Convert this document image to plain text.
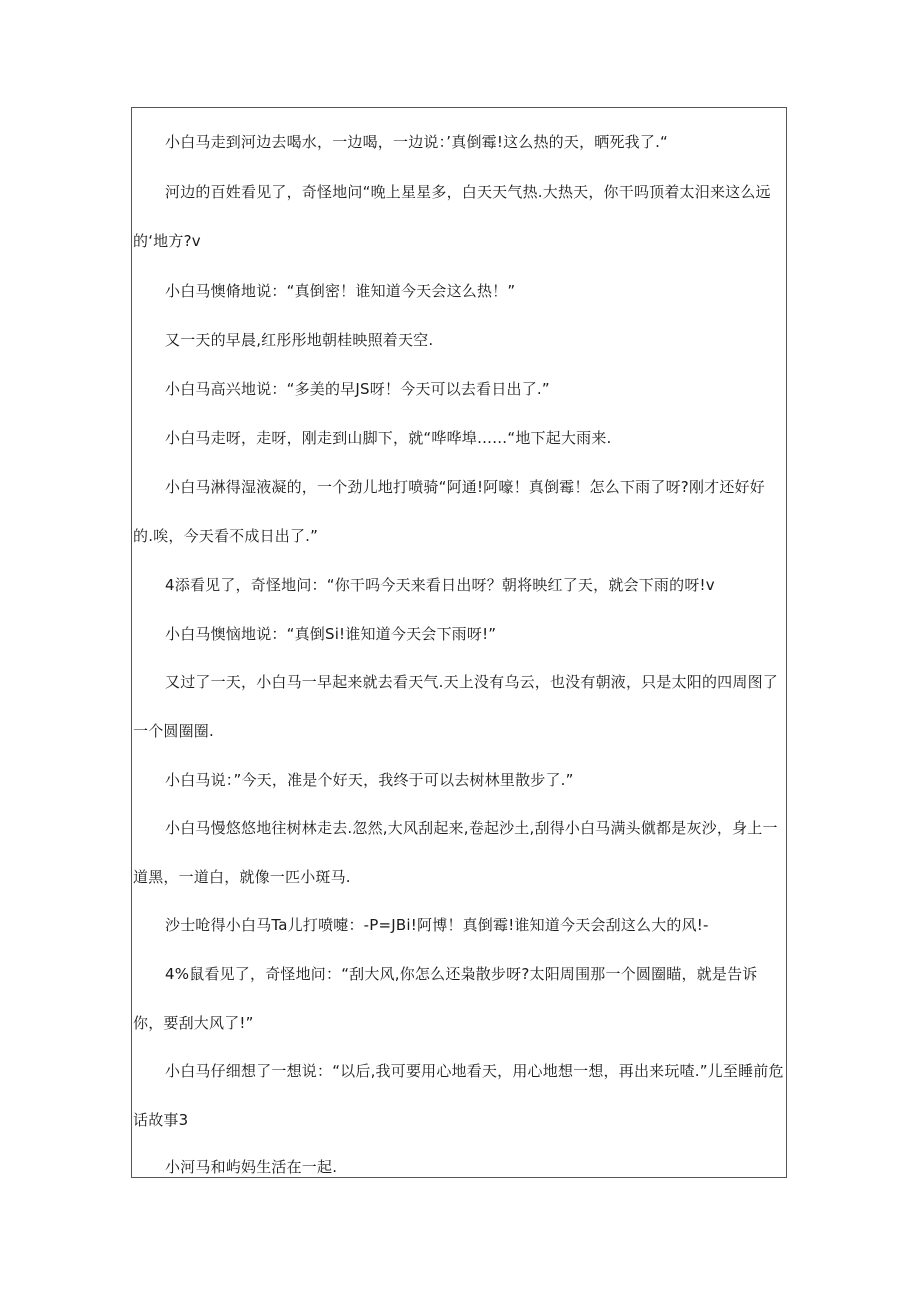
小白马走到河边去喝水，一边喝，一边说：’真倒霉!这么热的天，晒死我了.“

河边的百姓看见了，奇怪地问“晚上星星多，白天天气热.大热天，你干吗顶着太汨来这么远的‘地方?v

小白马懊脩地说：“真倒密！谁知道今天会这么热！”

又一天的早晨,红彤彤地朝桂映照着天空.

小白马高兴地说：“多美的早JS呀！今天可以去看日出了.”

小白马走呀，走呀，刚走到山脚下，就“哗哗埠……“地下起大雨来.

小白马淋得湿液凝的，一个劲儿地打喷骑“阿通!阿嚎！真倒霉！怎么下雨了呀?刚才还好好的.唉，今天看不成日出了.”

4添看见了，奇怪地问：“你干吗今天来看日出呀？朝将映红了天，就会下雨的呀!v

小白马懊恼地说：“真倒Si!谁知道今天会下雨呀!”

又过了一天，小白马一早起来就去看天气.天上没有乌云，也没有朝液，只是太阳的四周图了一个圆圈圈.

小白马说：”今天，准是个好天，我终于可以去树林里散步了.”

小白马慢悠悠地往树林走去.忽然,大风刮起来,卷起沙土,刮得小白马满头僦都是灰沙，身上一道黑，一道白，就像一匹小斑马.

沙士呛得小白马Ta儿打喷嚏：-P=JBi!阿博！真倒霉!谁知道今天会刮这么大的风!-

4%鼠看见了，奇怪地问：“刮大风,你怎么还枭散步呀?太阳周围那一个圆圈瞄，就是告诉你，要刮大风了!”

小白马仔细想了一想说：“以后,我可要用心地看天，用心地想一想，再出来玩喳.”儿至睡前危话故事3

小河马和屿妈生活在一起.
